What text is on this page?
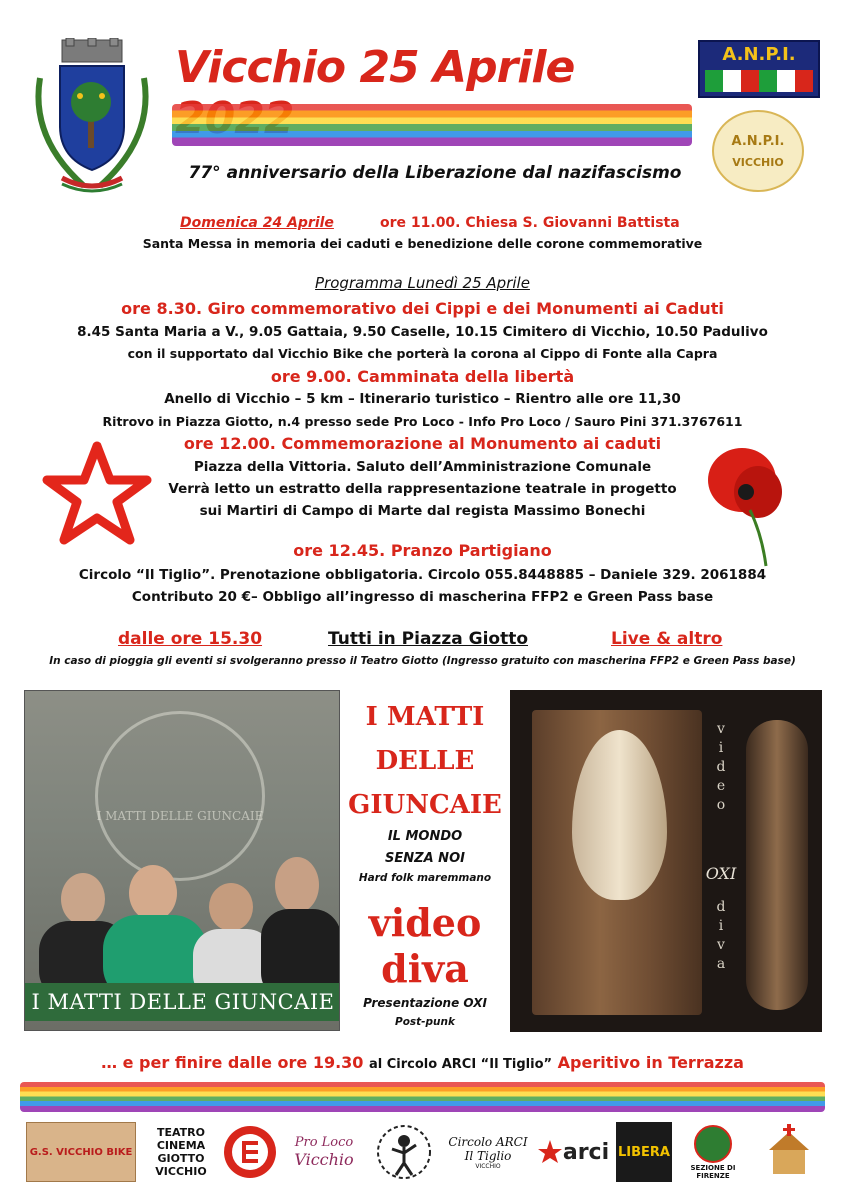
Vicchio 25 Aprile
77° anniversario della Liberazione dal nazifascismo
A.N.P.I.
A.N.P.I.
VICCHIO
Domenica 24 Aprile	ore 11.00. Chiesa S. Giovanni Battista
Santa Messa in memoria dei caduti e benedizione delle corone commemorative
Programma Lunedì 25 Aprile
ore 8.30. Giro commemorativo dei Cippi e dei Monumenti ai Caduti
8.45 Santa Maria a V., 9.05 Gattaia, 9.50 Caselle, 10.15 Cimitero di Vicchio, 10.50 Padulivo
con il supportato dal Vicchio Bike che porterà la corona al Cippo di Fonte alla Capra
ore 9.00. Camminata della libertà
Anello di Vicchio – 5 km – Itinerario turistico – Rientro alle ore 11,30
Ritrovo in Piazza Giotto, n.4 presso sede Pro Loco - Info Pro Loco / Sauro Pini 371.3767611
ore 12.00. Commemorazione al Monumento ai caduti
Piazza della Vittoria. Saluto dell’Amministrazione Comunale
Verrà letto un estratto della rappresentazione teatrale in progetto
sui Martiri di Campo di Marte dal regista Massimo Bonechi
ore 12.45. Pranzo Partigiano
Circolo “Il Tiglio”. Prenotazione obbligatoria. Circolo 055.8448885 – Daniele 329. 2061884
Contributo 20 €– Obbligo all’ingresso di mascherina FFP2 e Green Pass base
dalle ore 15.30	Tutti in Piazza Giotto	Live & altro
In caso di pioggia gli eventi si svolgeranno presso il Teatro Giotto (Ingresso gratuito con mascherina FFP2 e Green Pass base)
I MATTI DELLE GIUNCAIE
I MATTI DELLE GIUNCAIE
I MATTI
DELLE
GIUNCAIE
IL MONDO
SENZA NOI
Hard folk maremmano
video
diva
Presentazione OXI
Post-punk
v
i
d
e
o
OXI
d
i
v
a
… e per finire dalle ore 19.30 al Circolo ARCI “Il Tiglio” Aperitivo in Terrazza
G.S. VICCHIO BIKE
TEATRO CINEMA GIOTTO VICCHIO
Pro Loco
Vicchio
Circolo ARCI
Il Tiglio
VICCHIO
arci LIBERA
SEZIONE DI FIRENZE
